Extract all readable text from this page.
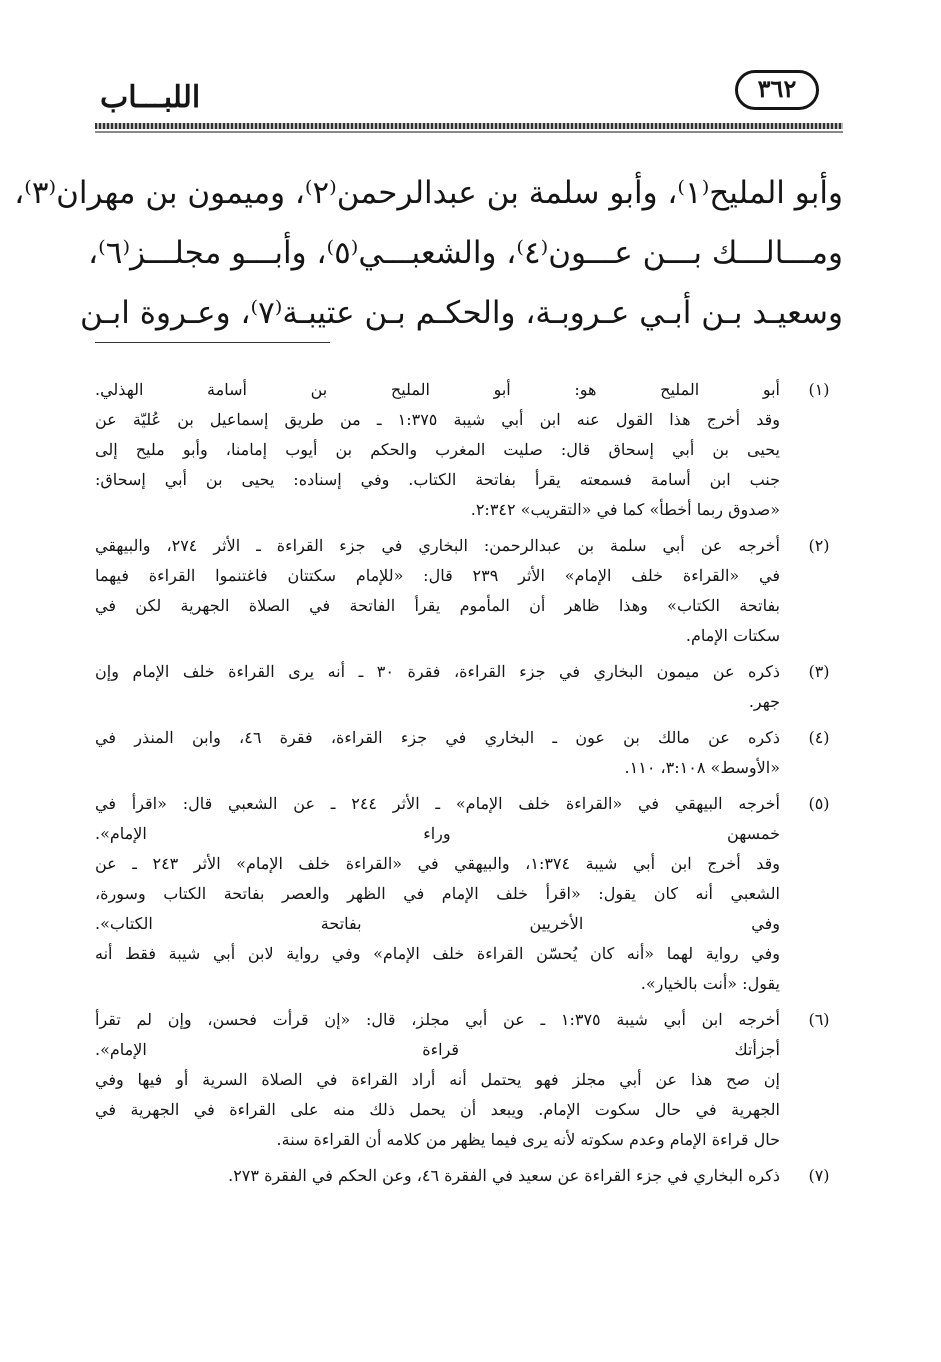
اللبـــاب	٣٦٢
وأبو المليح⁽١⁾، وأبو سلمة بن عبدالرحمن⁽٢⁾، وميمون بن مهران⁽٣⁾،
ومـــالـــك بـــن عـــون⁽٤⁾، والشعبـــي⁽٥⁾، وأبـــو مجلـــز⁽٦⁾،
وسعيـد بـن أبـي عـروبـة، والحكـم بـن عتيبـة⁽٧⁾، وعـروة ابـن
(١)
أبو المليح هو: أبو المليح بن أسامة الهذلي.
وقد أخرج هذا القول عنه ابن أبي شيبة ١:٣٧٥ ـ من طريق إسماعيل بن عُليّة عن
يحيى بن أبي إسحاق قال: صليت المغرب والحكم بن أيوب إمامنا، وأبو مليح إلى
جنب ابن أسامة فسمعته يقرأ بفاتحة الكتاب. وفي إسناده: يحيى بن أبي إسحاق:
«صدوق ربما أخطأ» كما في «التقريب» ٢:٣٤٢.
(٢)
أخرجه عن أبي سلمة بن عبدالرحمن: البخاري في جزء القراءة ـ الأثر ٢٧٤، والبيهقي
في «القراءة خلف الإمام» الأثر ٢٣٩ قال: «للإمام سكتتان فاغتنموا القراءة فيهما
بفاتحة الكتاب» وهذا ظاهر أن المأموم يقرأ الفاتحة في الصلاة الجهرية لكن في
سكتات الإمام.
(٣)
ذكره عن ميمون البخاري في جزء القراءة، فقرة ٣٠ ـ أنه يرى القراءة خلف الإمام وإن
جهر.
(٤)
ذكره عن مالك بن عون ـ البخاري في جزء القراءة، فقرة ٤٦، وابن المنذر في
«الأوسط» ٣:١٠٨، ١١٠.
(٥)
أخرجه البيهقي في «القراءة خلف الإمام» ـ الأثر ٢٤٤ ـ عن الشعبي قال: «اقرأ في
خمسهن وراء الإمام».
وقد أخرج ابن أبي شيبة ١:٣٧٤، والبيهقي في «القراءة خلف الإمام» الأثر ٢٤٣ ـ عن
الشعبي أنه كان يقول: «اقرأ خلف الإمام في الظهر والعصر بفاتحة الكتاب وسورة،
وفي الأخريين بفاتحة الكتاب».
وفي رواية لهما «أنه كان يُحسّن القراءة خلف الإمام» وفي رواية لابن أبي شيبة فقط أنه
يقول: «أنت بالخيار».
(٦)
أخرجه ابن أبي شيبة ١:٣٧٥ ـ عن أبي مجلز، قال: «إن قرأت فحسن، وإن لم تقرأ
أجزأتك قراءة الإمام».
إن صح هذا عن أبي مجلز فهو يحتمل أنه أراد القراءة في الصلاة السرية أو فيها وفي
الجهرية في حال سكوت الإمام. ويبعد أن يحمل ذلك منه على القراءة في الجهرية في
حال قراءة الإمام وعدم سكوته لأنه يرى فيما يظهر من كلامه أن القراءة سنة.
(٧)
ذكره البخاري في جزء القراءة عن سعيد في الفقرة ٤٦، وعن الحكم في الفقرة ٢٧٣.
